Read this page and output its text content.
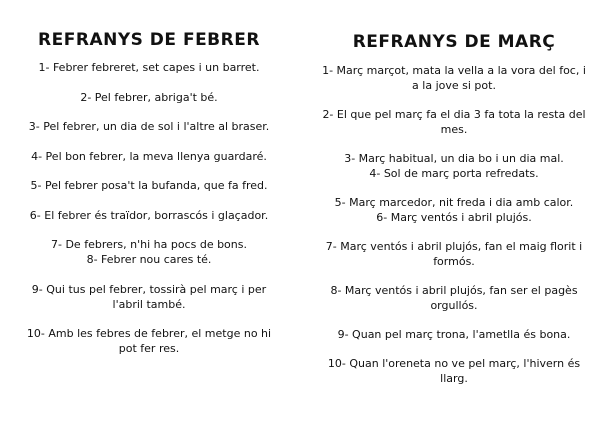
REFRANYS DE FEBRER
1- Febrer febreret, set capes i un barret.
2- Pel febrer, abriga't bé.
3- Pel febrer, un dia de sol i l'altre al braser.
4- Pel bon febrer, la meva llenya guardaré.
5- Pel febrer posa't la bufanda, que fa fred.
6- El febrer és traïdor, borrascós i glaçador.
7- De febrers, n'hi ha pocs de bons.
8- Febrer nou cares té.
9- Qui tus pel febrer, tossirà pel març i per l'abril també.
10- Amb les febres de febrer, el metge no hi pot fer res.
REFRANYS DE MARÇ
1- Març marçot, mata la vella a la vora del foc, i a la jove si pot.
2- El que pel març fa el dia 3 fa tota la resta del mes.
3- Març habitual, un dia bo i un dia mal.
4- Sol de març porta refredats.
5- Març marcedor, nit freda i dia amb calor.
6- Març ventós i abril plujós.
7- Març ventós i abril plujós, fan el maig florit i formós.
8- Març ventós i abril plujós, fan ser el pagès orgullós.
9- Quan pel març trona, l'ametlla és bona.
10- Quan l'oreneta no ve pel març, l'hivern és llarg.
